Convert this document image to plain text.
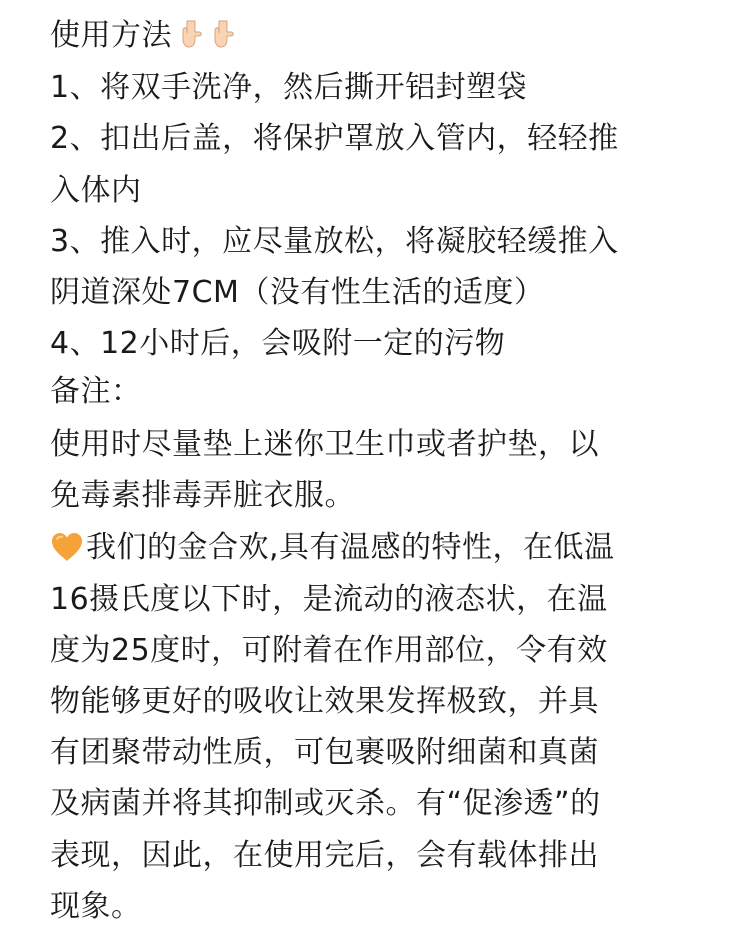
使用方法
1、将双手洗净，然后撕开铝封塑袋
2、扣出后盖，将保护罩放入管内，轻轻推
入体内
3、推入时，应尽量放松，将凝胶轻缓推入
阴道深处7CM（没有性生活的适度）
4、12小时后，会吸附一定的污物
备注：
使用时尽量垫上迷你卫生巾或者护垫，以
免毒素排毒弄脏衣服。
我们的金合欢,具有温感的特性，在低温
16摄氏度以下时，是流动的液态状，在温
度为25度时，可附着在作用部位，令有效
物能够更好的吸收让效果发挥极致，并具
有团聚带动性质，可包裹吸附细菌和真菌
及病菌并将其抑制或灭杀。有“促渗透”的
表现，因此，在使用完后，会有载体排出
现象。
